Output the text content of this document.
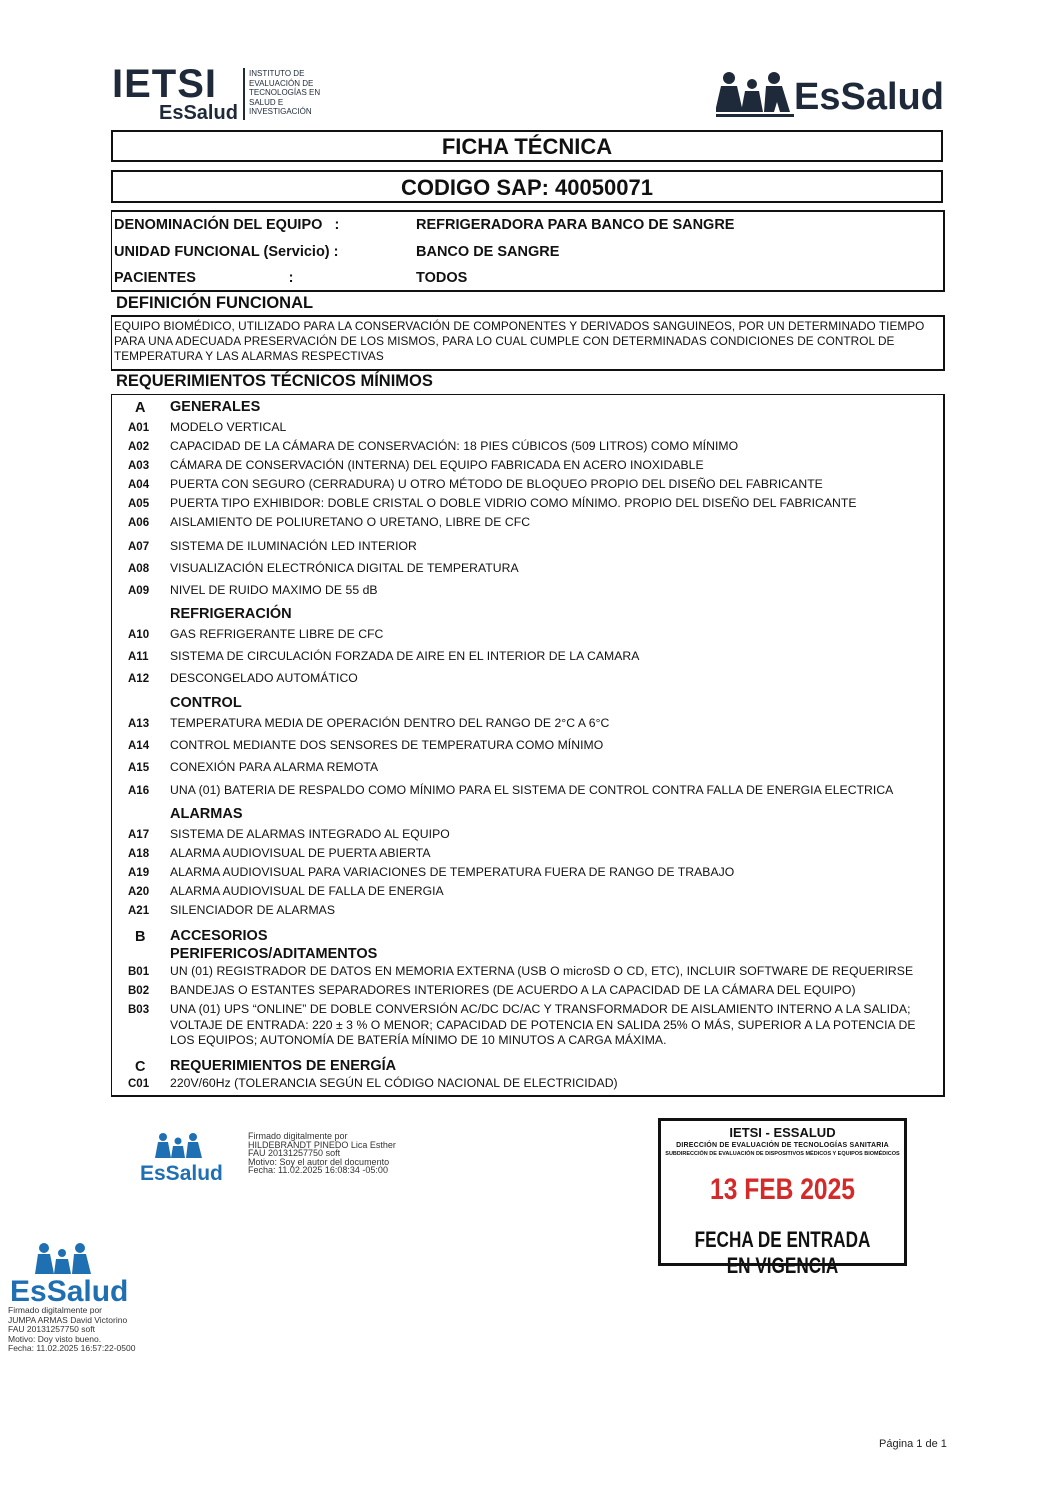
IETSI
EsSalud
INSTITUTO DE
EVALUACIÓN DE
TECNOLOGÍAS EN
SALUD E
INVESTIGACIÓN	EsSalud
FICHA TÉCNICA
CODIGO SAP: 40050071
DENOMINACIÓN DEL EQUIPO   :	REFRIGERADORA PARA BANCO DE SANGRE
UNIDAD FUNCIONAL (Servicio) :	BANCO DE SANGRE
PACIENTES                       :	TODOS
DEFINICIÓN FUNCIONAL
EQUIPO BIOMÉDICO, UTILIZADO PARA LA CONSERVACIÓN DE COMPONENTES Y DERIVADOS SANGUINEOS, POR UN DETERMINADO TIEMPO PARA UNA ADECUADA PRESERVACIÓN DE LOS MISMOS, PARA LO CUAL CUMPLE CON DETERMINADAS CONDICIONES DE CONTROL DE TEMPERATURA Y LAS ALARMAS RESPECTIVAS
REQUERIMIENTOS TÉCNICOS MÍNIMOS
A GENERALES
A01 MODELO VERTICAL
A02 CAPACIDAD DE LA CÁMARA DE CONSERVACIÓN: 18 PIES CÚBICOS (509 LITROS) COMO MÍNIMO
A03 CÁMARA DE CONSERVACIÓN (INTERNA) DEL EQUIPO FABRICADA EN ACERO INOXIDABLE
A04 PUERTA CON SEGURO (CERRADURA) U OTRO MÉTODO DE BLOQUEO PROPIO DEL DISEÑO DEL FABRICANTE
A05 PUERTA TIPO EXHIBIDOR: DOBLE CRISTAL O DOBLE VIDRIO COMO MÍNIMO. PROPIO DEL DISEÑO DEL FABRICANTE
A06 AISLAMIENTO DE POLIURETANO O URETANO, LIBRE DE CFC
A07 SISTEMA DE ILUMINACIÓN LED INTERIOR
A08 VISUALIZACIÓN ELECTRÓNICA DIGITAL DE TEMPERATURA
A09 NIVEL DE RUIDO MAXIMO DE 55 dB
REFRIGERACIÓN
A10 GAS REFRIGERANTE LIBRE DE CFC
A11 SISTEMA DE CIRCULACIÓN FORZADA DE AIRE EN EL INTERIOR DE LA CAMARA
A12 DESCONGELADO AUTOMÁTICO
CONTROL
A13 TEMPERATURA MEDIA DE OPERACIÓN DENTRO DEL RANGO DE 2°C A 6°C
A14 CONTROL MEDIANTE DOS SENSORES DE TEMPERATURA COMO MÍNIMO
A15 CONEXIÓN PARA ALARMA REMOTA
A16 UNA (01) BATERIA DE RESPALDO COMO MÍNIMO PARA EL SISTEMA DE CONTROL CONTRA FALLA DE ENERGIA ELECTRICA
ALARMAS
A17 SISTEMA DE ALARMAS INTEGRADO AL EQUIPO
A18 ALARMA AUDIOVISUAL DE PUERTA ABIERTA
A19 ALARMA AUDIOVISUAL PARA VARIACIONES DE TEMPERATURA FUERA DE RANGO DE TRABAJO
A20 ALARMA AUDIOVISUAL DE FALLA DE ENERGIA
A21 SILENCIADOR DE ALARMAS
B ACCESORIOS
PERIFERICOS/ADITAMENTOS
B01 UN (01) REGISTRADOR DE DATOS EN MEMORIA EXTERNA (USB O microSD O CD, ETC), INCLUIR SOFTWARE DE REQUERIRSE
B02 BANDEJAS O ESTANTES SEPARADORES INTERIORES (DE ACUERDO A LA CAPACIDAD DE LA CÁMARA DEL EQUIPO)
B03 UNA (01) UPS “ONLINE” DE DOBLE CONVERSIÓN AC/DC DC/AC Y TRANSFORMADOR DE AISLAMIENTO INTERNO A LA SALIDA; VOLTAJE DE ENTRADA: 220 ± 3 % O MENOR; CAPACIDAD DE POTENCIA EN SALIDA 25% O MÁS, SUPERIOR A LA POTENCIA DE LOS EQUIPOS; AUTONOMÍA DE BATERÍA MÍNIMO DE 10 MINUTOS A CARGA MÁXIMA.
C REQUERIMIENTOS DE ENERGÍA
C01 220V/60Hz (TOLERANCIA SEGÚN EL CÓDIGO NACIONAL DE ELECTRICIDAD)
EsSalud
Firmado digitalmente por
HILDEBRANDT PINEDO Lica Esther
FAU 20131257750 soft
Motivo: Soy el autor del documento
Fecha: 11.02.2025 16:08:34 -05:00
IETSI - ESSALUD
DIRECCIÓN DE EVALUACIÓN DE TECNOLOGÍAS SANITARIA
SUBDIRECCIÓN DE EVALUACIÓN DE DISPOSITIVOS MÉDICOS Y EQUIPOS BIOMÉDICOS
13 FEB 2025
FECHA DE ENTRADA EN VIGENCIA
EsSalud
Firmado digitalmente por
JUMPA ARMAS David Victorino
FAU 20131257750 soft
Motivo: Doy visto bueno.
Fecha: 11.02.2025 16:57:22-0500
Página 1 de 1
